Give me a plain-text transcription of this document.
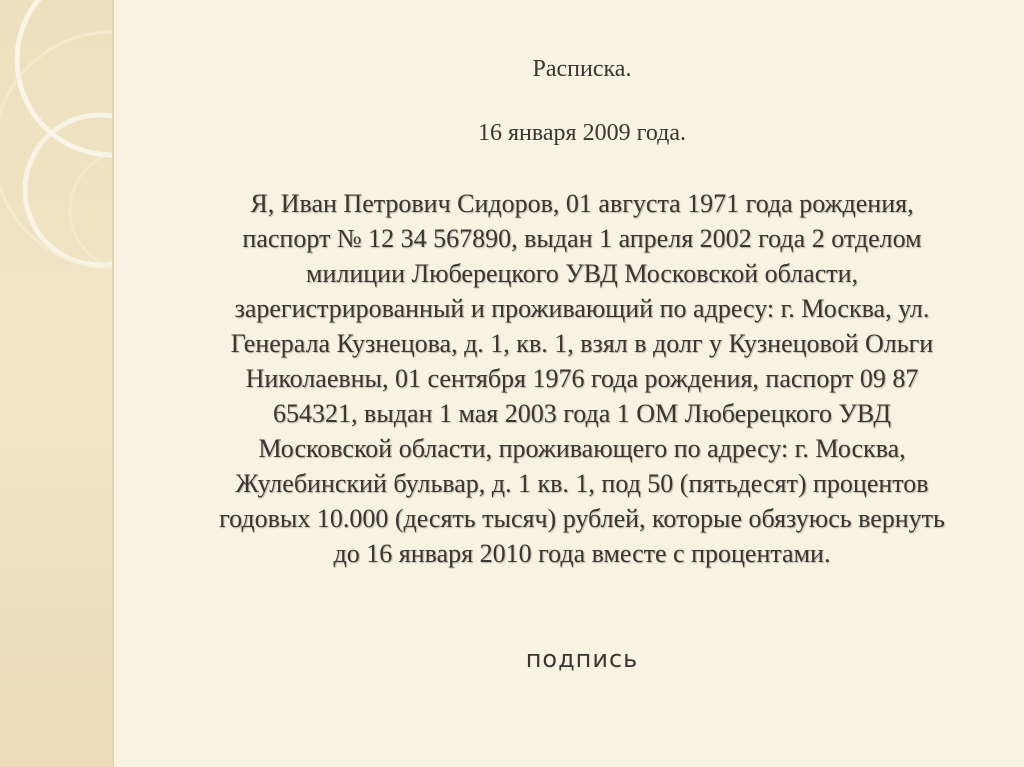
Расписка.
16 января 2009 года.
Я, Иван Петрович Сидоров, 01 августа 1971 года рождения,
паспорт № 12 34 567890, выдан 1 апреля 2002 года 2 отделом
милиции Люберецкого УВД Московской области,
зарегистрированный и проживающий по адресу: г. Москва, ул.
Генерала Кузнецова, д. 1, кв. 1, взял в долг у Кузнецовой Ольги
Николаевны, 01 сентября 1976 года рождения, паспорт 09 87
654321, выдан 1 мая 2003 года 1 ОМ Люберецкого УВД
Московской области, проживающего по адресу: г. Москва,
Жулебинский бульвар, д. 1 кв. 1, под 50 (пятьдесят) процентов
годовых 10.000 (десять тысяч) рублей, которые обязуюсь вернуть
до 16 января 2010 года вместе с процентами.
подпись
